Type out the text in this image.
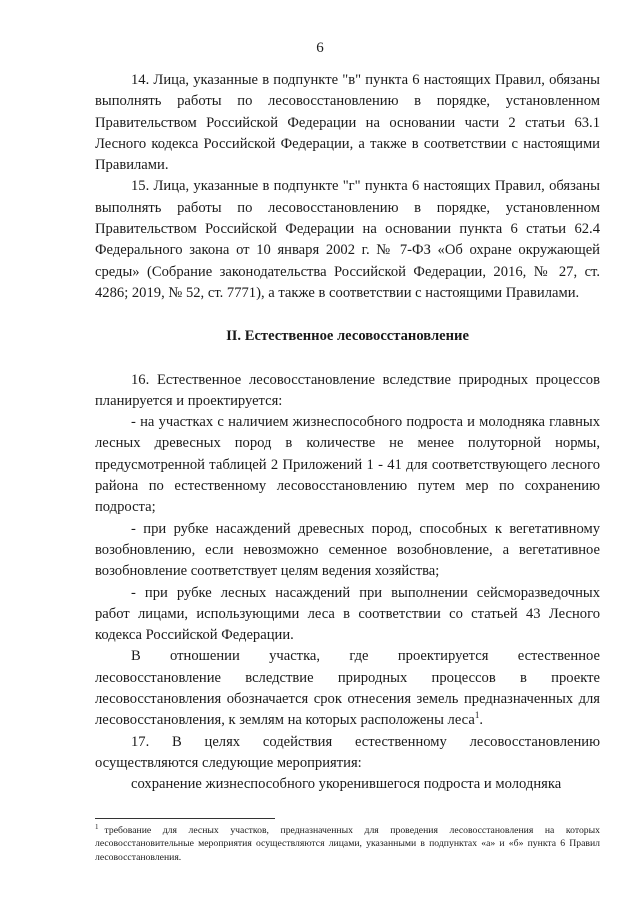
6

14. Лица, указанные в подпункте "в" пункта 6 настоящих Правил, обязаны выполнять работы по лесовосстановлению в порядке, установленном Правительством Российской Федерации на основании части 2 статьи 63.1 Лесного кодекса Российской Федерации, а также в соответствии с настоящими Правилами.

15. Лица, указанные в подпункте "г" пункта 6 настоящих Правил, обязаны выполнять работы по лесовосстановлению в порядке, установленном Правительством Российской Федерации на основании пункта 6 статьи 62.4 Федерального закона от 10 января 2002 г. № 7-ФЗ «Об охране окружающей среды» (Собрание законодательства Российской Федерации, 2016, № 27, ст. 4286; 2019, № 52, ст. 7771), а также в соответствии с настоящими Правилами.

II. Естественное лесовосстановление

16. Естественное лесовосстановление вследствие природных процессов планируется и проектируется:

- на участках с наличием жизнеспособного подроста и молодняка главных лесных древесных пород в количестве не менее полуторной нормы, предусмотренной таблицей 2 Приложений 1 - 41 для соответствующего лесного района по естественному лесовосстановлению путем мер по сохранению подроста;

- при рубке насаждений древесных пород, способных к вегетативному возобновлению, если невозможно семенное возобновление, а вегетативное возобновление соответствует целям ведения хозяйства;

- при рубке лесных насаждений при выполнении сейсморазведочных работ лицами, использующими леса в соответствии со статьей 43 Лесного кодекса Российской Федерации.

В отношении участка, где проектируется естественное лесовосстановление вследствие природных процессов в проекте лесовосстановления обозначается срок отнесения земель предназначенных для лесовосстановления, к землям на которых расположены леса$^1$.

17. В целях содействия естественному лесовосстановлению осуществляются следующие мероприятия:

сохранение жизнеспособного укоренившегося подроста и молодняка

$^1$ требование для лесных участков, предназначенных для проведения лесовосстановления на которых лесовосстановительные мероприятия осуществляются лицами, указанными в подпунктах «а» и «б» пункта 6 Правил лесовосстановления.
